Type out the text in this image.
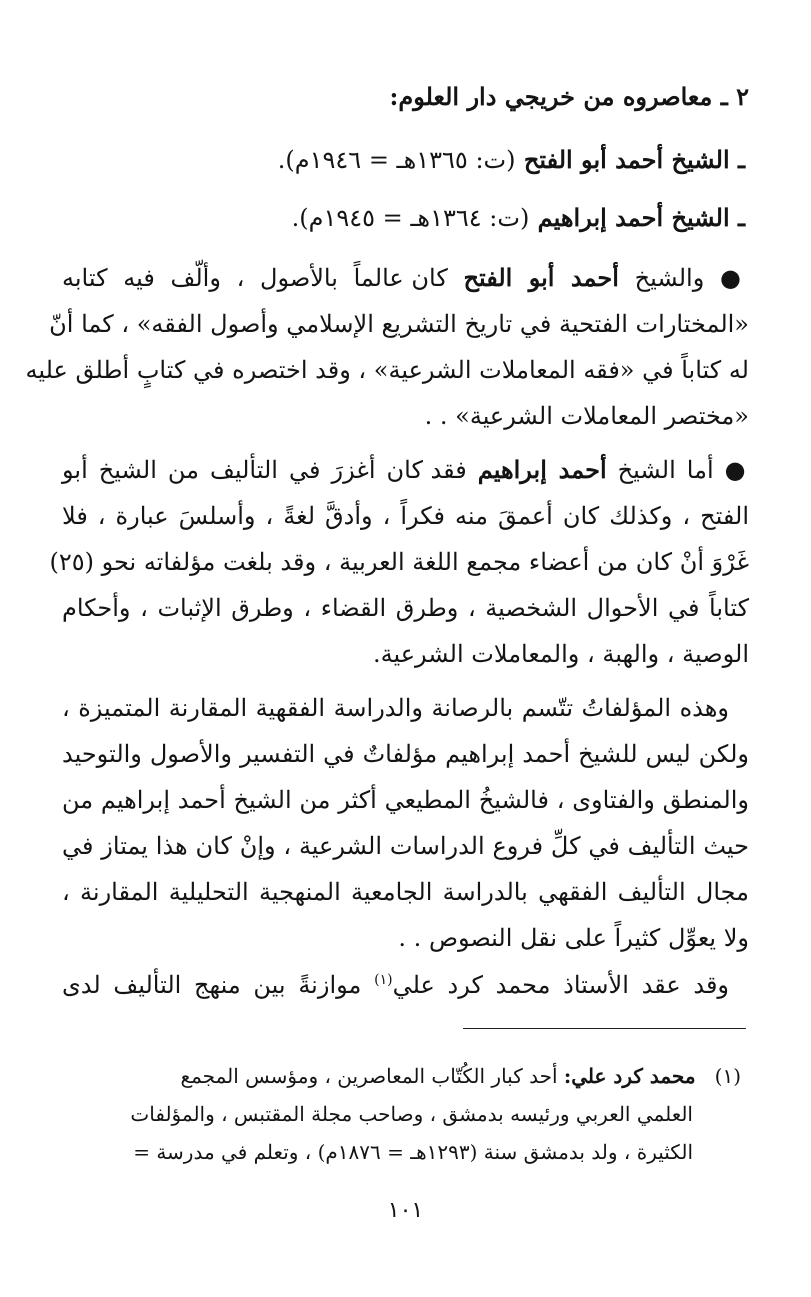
٢ ـ معاصروه من خريجي دار العلوم:
ـ الشيخ أحمد أبو الفتح (ت: ١٣٦٥هـ = ١٩٤٦م).
ـ الشيخ أحمد إبراهيم (ت: ١٣٦٤هـ = ١٩٤٥م).
● والشيخ أحمد أبو الفتح كان عالماً بالأصول ، وألّف فيه كتابه
«المختارات الفتحية في تاريخ التشريع الإسلامي وأصول الفقه» ، كما أنّ
له كتاباً في «فقه المعاملات الشرعية» ، وقد اختصره في كتابٍ أطلق عليه
«مختصر المعاملات الشرعية» . .
● أما الشيخ أحمد إبراهيم فقد كان أغزرَ في التأليف من الشيخ أبو
الفتح ، وكذلك كان أعمقَ منه فكراً ، وأدقَّ لغةً ، وأسلسَ عبارة ، فلا
غَرْوَ أنْ كان من أعضاء مجمع اللغة العربية ، وقد بلغت مؤلفاته نحو (٢٥)
كتاباً في الأحوال الشخصية ، وطرق القضاء ، وطرق الإثبات ، وأحكام
الوصية ، والهبة ، والمعاملات الشرعية.
وهذه المؤلفاتُ تتّسم بالرصانة والدراسة الفقهية المقارنة المتميزة ،
ولكن ليس للشيخ أحمد إبراهيم مؤلفاتٌ في التفسير والأصول والتوحيد
والمنطق والفتاوى ، فالشيخُ المطيعي أكثر من الشيخ أحمد إبراهيم من
حيث التأليف في كلِّ فروع الدراسات الشرعية ، وإنْ كان هذا يمتاز في
مجال التأليف الفقهي بالدراسة الجامعية المنهجية التحليلية المقارنة ،
ولا يعوِّل كثيراً على نقل النصوص . .
وقد عقد الأستاذ محمد كرد علي$^{(١)}$ موازنةً بين منهج التأليف لدى
(١)   محمد كرد علي: أحد كبار الكُتّاب المعاصرين ، ومؤسس المجمع
العلمي العربي ورئيسه بدمشق ، وصاحب مجلة المقتبس ، والمؤلفات
الكثيرة ، ولد بدمشق سنة (١٢٩٣هـ = ١٨٧٦م) ، وتعلم في مدرسة =
١٠١
